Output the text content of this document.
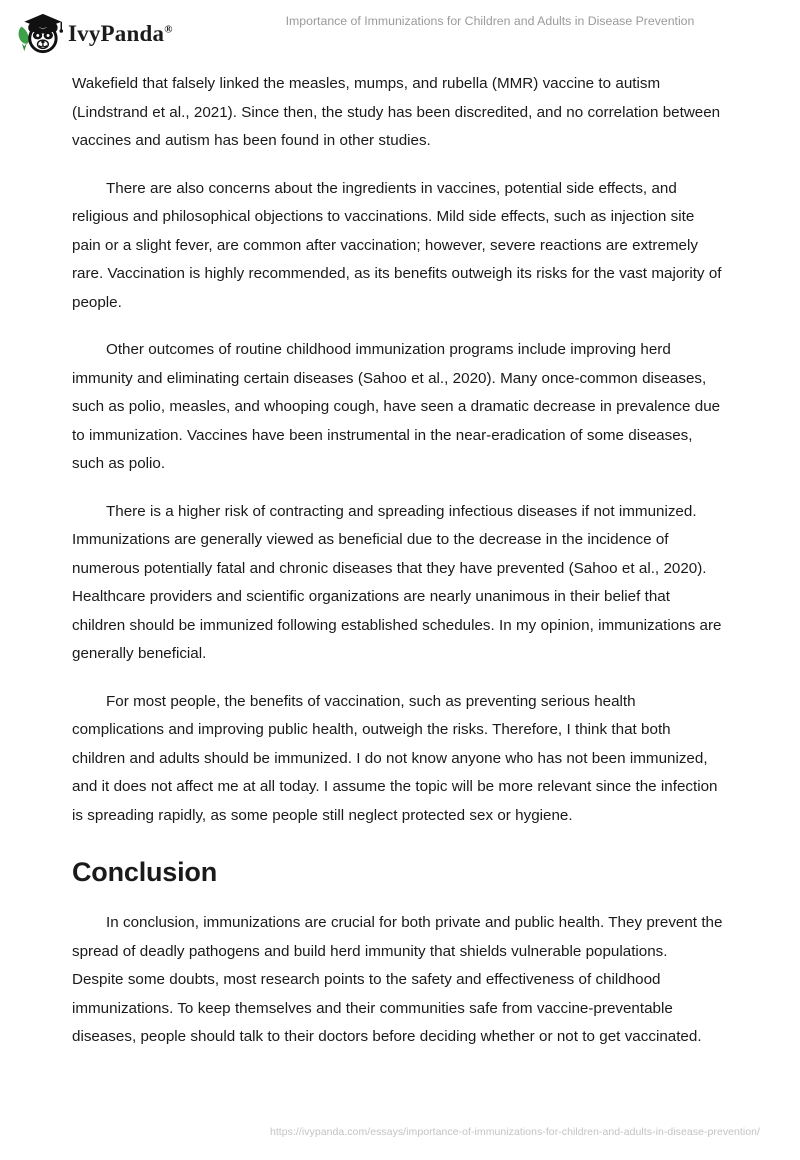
IvyPanda®
Importance of Immunizations for Children and Adults in Disease Prevention

Wakefield that falsely linked the measles, mumps, and rubella (MMR) vaccine to autism (Lindstrand et al., 2021). Since then, the study has been discredited, and no correlation between vaccines and autism has been found in other studies.

There are also concerns about the ingredients in vaccines, potential side effects, and religious and philosophical objections to vaccinations. Mild side effects, such as injection site pain or a slight fever, are common after vaccination; however, severe reactions are extremely rare. Vaccination is highly recommended, as its benefits outweigh its risks for the vast majority of people.

Other outcomes of routine childhood immunization programs include improving herd immunity and eliminating certain diseases (Sahoo et al., 2020). Many once-common diseases, such as polio, measles, and whooping cough, have seen a dramatic decrease in prevalence due to immunization. Vaccines have been instrumental in the near-eradication of some diseases, such as polio.

There is a higher risk of contracting and spreading infectious diseases if not immunized. Immunizations are generally viewed as beneficial due to the decrease in the incidence of numerous potentially fatal and chronic diseases that they have prevented (Sahoo et al., 2020). Healthcare providers and scientific organizations are nearly unanimous in their belief that children should be immunized following established schedules. In my opinion, immunizations are generally beneficial.

For most people, the benefits of vaccination, such as preventing serious health complications and improving public health, outweigh the risks. Therefore, I think that both children and adults should be immunized. I do not know anyone who has not been immunized, and it does not affect me at all today. I assume the topic will be more relevant since the infection is spreading rapidly, as some people still neglect protected sex or hygiene.

Conclusion

In conclusion, immunizations are crucial for both private and public health. They prevent the spread of deadly pathogens and build herd immunity that shields vulnerable populations. Despite some doubts, most research points to the safety and effectiveness of childhood immunizations. To keep themselves and their communities safe from vaccine-preventable diseases, people should talk to their doctors before deciding whether or not to get vaccinated.

https://ivypanda.com/essays/importance-of-immunizations-for-children-and-adults-in-disease-prevention/
